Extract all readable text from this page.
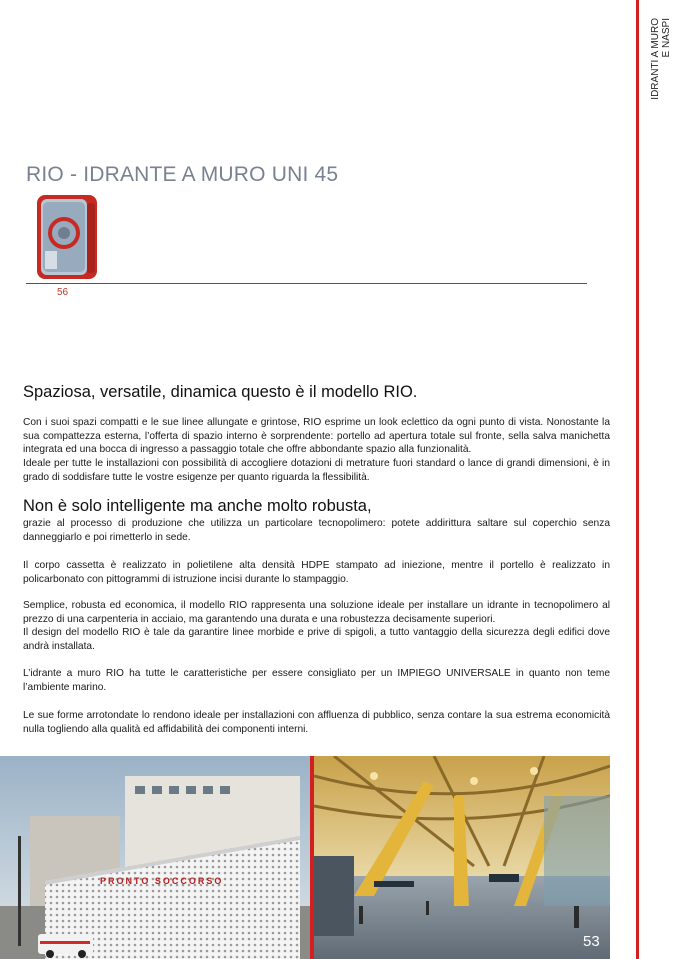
IDRANTI A MURO E NASPI
RIO - IDRANTE A MURO UNI 45
56
Spaziosa, versatile, dinamica questo è il modello RIO.

Con i suoi spazi compatti e le sue linee allungate e grintose, RIO esprime un look eclettico da ogni punto di vista. Nonostante la sua compattezza esterna, l’offerta di spazio interno è sorprendente: portello ad apertura totale sul fronte, sella salva manichetta integrata ed una bocca di ingresso a passaggio totale che offre abbondante spazio alla funzionalità.

Ideale per tutte le installazioni con possibilità di accogliere dotazioni di metrature fuori standard o lance di grandi dimensioni, è in grado di soddisfare tutte le vostre esigenze per quanto riguarda la flessibilità.

Non è solo intelligente ma anche molto robusta,

grazie al processo di produzione che utilizza un particolare tecnopolimero: potete addirittura saltare sul coperchio senza danneggiarlo e poi rimetterlo in sede.

Il corpo cassetta è realizzato in polietilene alta densità HDPE stampato ad iniezione, mentre il portello è realizzato in policarbonato con pittogrammi di istruzione incisi durante lo stampaggio.

Semplice, robusta ed economica, il modello RIO rappresenta una soluzione ideale per installare un idrante in tecnopolimero al prezzo di una carpenteria in acciaio, ma garantendo una durata e una robustezza decisamente superiori.

Il design del modello RIO è tale da garantire linee morbide e prive di spigoli, a tutto vantaggio della sicurezza degli edifici dove andrà installata.

L’idrante a muro RIO ha tutte le caratteristiche per essere consigliato per un IMPIEGO UNIVERSALE in quanto non teme l’ambiente marino.

Le sue forme arrotondate lo rendono ideale per installazioni con affluenza di pubblico, senza contare la sua estrema economicità nulla togliendo alla qualità ed affidabilità dei componenti interni.

PRONTO SOCCORSO
53
